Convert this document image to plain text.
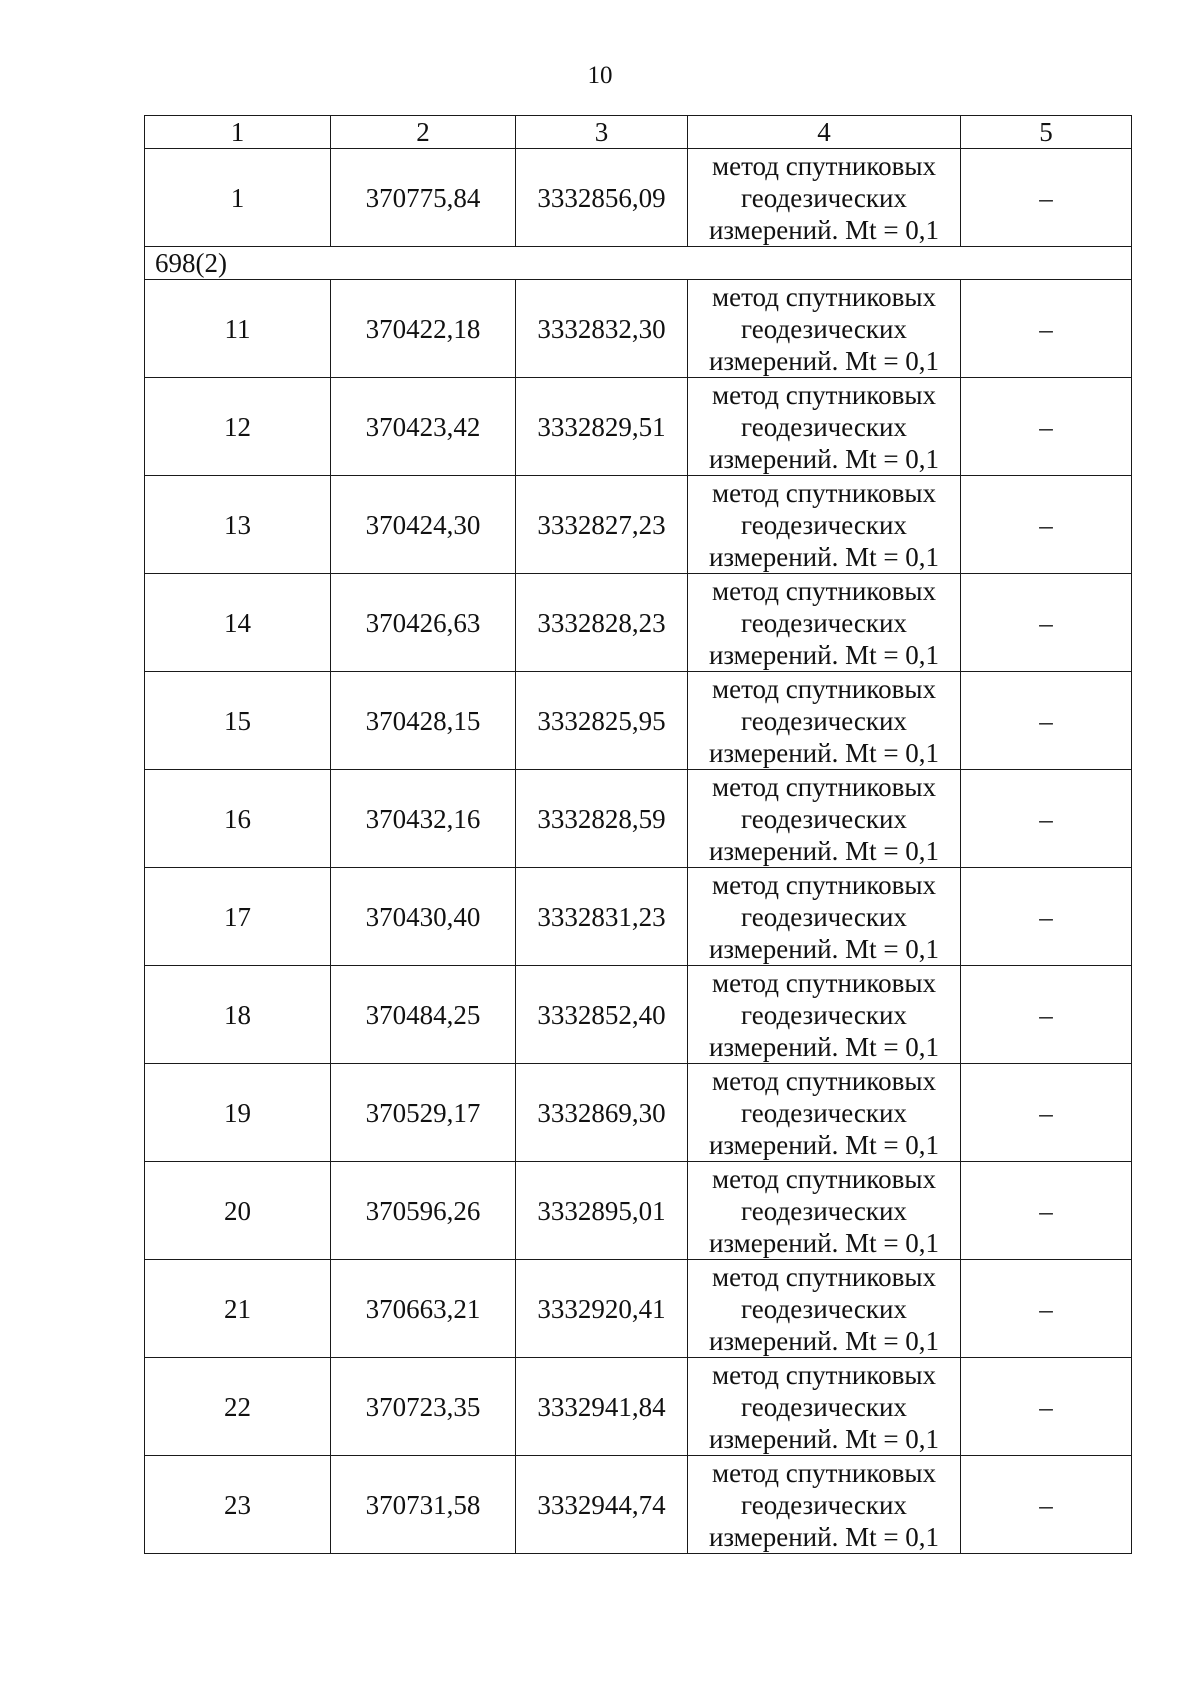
10
1	2	3	4	5
1	370775,84	3332856,09	метод спутниковых
геодезических
измерений. Mt = 0,1	–
698(2)				
11	370422,18	3332832,30	метод спутниковых
геодезических
измерений. Mt = 0,1	–
12	370423,42	3332829,51	метод спутниковых
геодезических
измерений. Mt = 0,1	–
13	370424,30	3332827,23	метод спутниковых
геодезических
измерений. Mt = 0,1	–
14	370426,63	3332828,23	метод спутниковых
геодезических
измерений. Mt = 0,1	–
15	370428,15	3332825,95	метод спутниковых
геодезических
измерений. Mt = 0,1	–
16	370432,16	3332828,59	метод спутниковых
геодезических
измерений. Mt = 0,1	–
17	370430,40	3332831,23	метод спутниковых
геодезических
измерений. Mt = 0,1	–
18	370484,25	3332852,40	метод спутниковых
геодезических
измерений. Mt = 0,1	–
19	370529,17	3332869,30	метод спутниковых
геодезических
измерений. Mt = 0,1	–
20	370596,26	3332895,01	метод спутниковых
геодезических
измерений. Mt = 0,1	–
21	370663,21	3332920,41	метод спутниковых
геодезических
измерений. Mt = 0,1	–
22	370723,35	3332941,84	метод спутниковых
геодезических
измерений. Mt = 0,1	–
23	370731,58	3332944,74	метод спутниковых
геодезических
измерений. Mt = 0,1	–
